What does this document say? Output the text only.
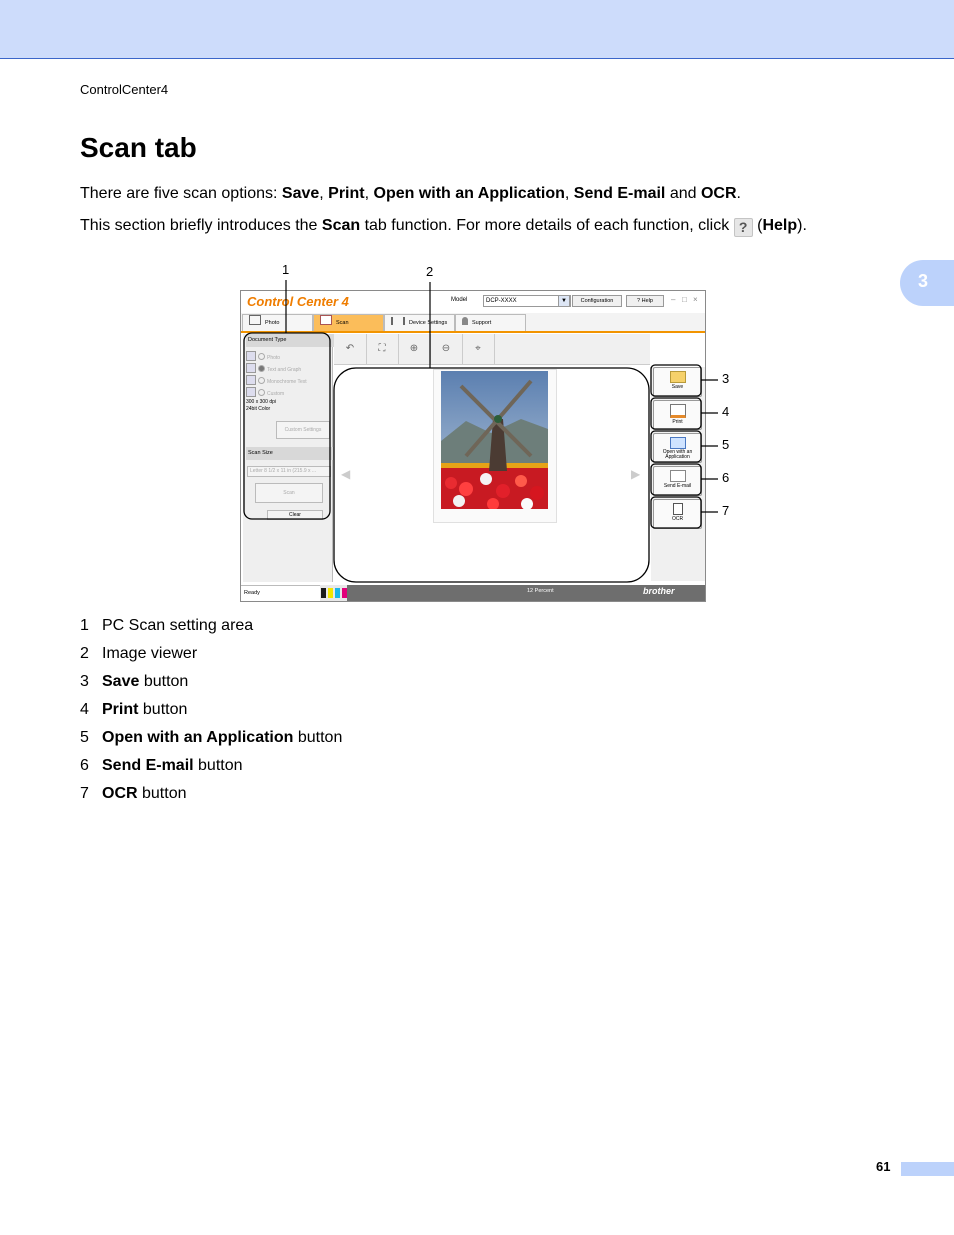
ControlCenter4
3
Scan tab
There are five scan options: Save, Print, Open with an Application, Send E-mail and OCR.
This section briefly introduces the Scan tab function. For more details of each function, click ? (Help).
Control Center 4	Model	DCP-XXXX	▼	Configuration	? Help	– □ ×
Photo	Scan	Device Settings	Support
Document Type
Photo
Text and Graph
Monochrome Text
Custom
300 x 300 dpi
24bit Color
Custom Settings
Scan Size
Letter 8 1/2 x 11 in (215.9 x ...
Scan
Clear
↶	⛶	⊕	⊖	⌖
◀	▶
Save
Print
Open with an Application
Send E-mail
OCR
Ready	12 Percent	brother
1	2
3
4
5
6
7
1 PC Scan setting area
2 Image viewer
3 Save button
4 Print button
5 Open with an Application button
6 Send E-mail button
7 OCR button
61
